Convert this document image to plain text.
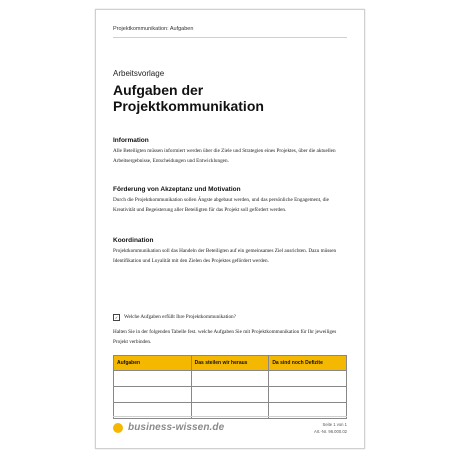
Projektkommunikation: Aufgaben
Arbeitsvorlage
Aufgaben der Projektkommunikation
Information

Alle Beteiligten müssen informiert werden über die Ziele und Strategien eines Projektes, über die aktuellen Arbeitsergebnisse, Entscheidungen und Entwicklungen.

Förderung von Akzeptanz und Motivation

Durch die Projektkommunikation sollen Ängste abgebaut werden, und das persönliche Engagement, die Kreativität und Begeisterung aller Beteiligten für das Projekt soll gefördert werden.

Koordination

Projektkommunikation soll das Handeln der Beteiligten auf ein gemeinsames Ziel ausrichten. Dazu müssen Identifikation und Loyalität mit den Zielen des Projektes gefördert werden.

✓ Welche Aufgaben erfüllt Ihre Projektkommunikation?
Halten Sie in der folgenden Tabelle fest. welche Aufgaben Sie mit Projektkommunikation für Ihr jeweiliges Projekt verbinden.
Aufgaben	Das steilen wir heraus	Da sind noch Defizite

business-wissen.de	Seite 1 von 1
Art.-Nr. 96.000.02
